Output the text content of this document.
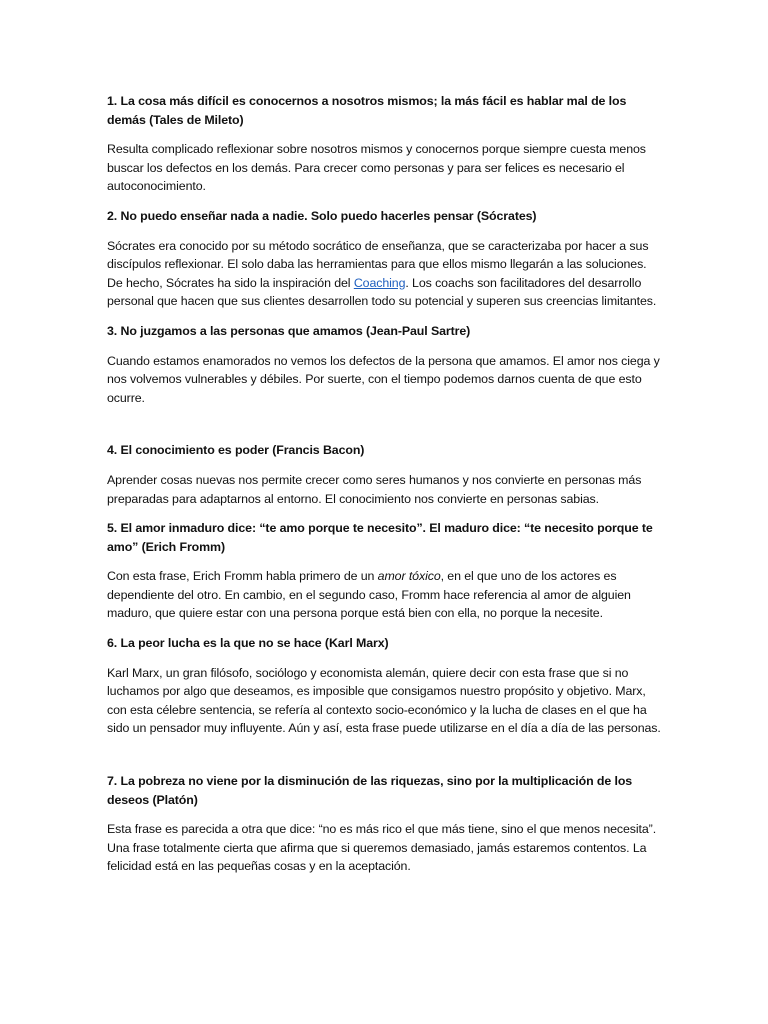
1. La cosa más difícil es conocernos a nosotros mismos; la más fácil es hablar mal de los demás (Tales de Mileto)

Resulta complicado reflexionar sobre nosotros mismos y conocernos porque siempre cuesta menos buscar los defectos en los demás. Para crecer como personas y para ser felices es necesario el autoconocimiento.

2. No puedo enseñar nada a nadie. Solo puedo hacerles pensar (Sócrates)

Sócrates era conocido por su método socrático de enseñanza, que se caracterizaba por hacer a sus discípulos reflexionar. El solo daba las herramientas para que ellos mismo llegarán a las soluciones. De hecho, Sócrates ha sido la inspiración del Coaching. Los coachs son facilitadores del desarrollo personal que hacen que sus clientes desarrollen todo su potencial y superen sus creencias limitantes.

3. No juzgamos a las personas que amamos (Jean-Paul Sartre)

Cuando estamos enamorados no vemos los defectos de la persona que amamos. El amor nos ciega y nos volvemos vulnerables y débiles. Por suerte, con el tiempo podemos darnos cuenta de que esto ocurre.

4. El conocimiento es poder (Francis Bacon)

Aprender cosas nuevas nos permite crecer como seres humanos y nos convierte en personas más preparadas para adaptarnos al entorno. El conocimiento nos convierte en personas sabias.

5. El amor inmaduro dice: “te amo porque te necesito”. El maduro dice: “te necesito porque te amo” (Erich Fromm)

Con esta frase, Erich Fromm habla primero de un amor tóxico, en el que uno de los actores es dependiente del otro. En cambio, en el segundo caso, Fromm hace referencia al amor de alguien maduro, que quiere estar con una persona porque está bien con ella, no porque la necesite.

6. La peor lucha es la que no se hace (Karl Marx)

Karl Marx, un gran filósofo, sociólogo y economista alemán, quiere decir con esta frase que si no luchamos por algo que deseamos, es imposible que consigamos nuestro propósito y objetivo. Marx, con esta célebre sentencia, se refería al contexto socio-económico y la lucha de clases en el que ha sido un pensador muy influyente. Aún y así, esta frase puede utilizarse en el día a día de las personas.

7. La pobreza no viene por la disminución de las riquezas, sino por la multiplicación de los deseos (Platón)

Esta frase es parecida a otra que dice: “no es más rico el que más tiene, sino el que menos necesita”. Una frase totalmente cierta que afirma que si queremos demasiado, jamás estaremos contentos. La felicidad está en las pequeñas cosas y en la aceptación.
